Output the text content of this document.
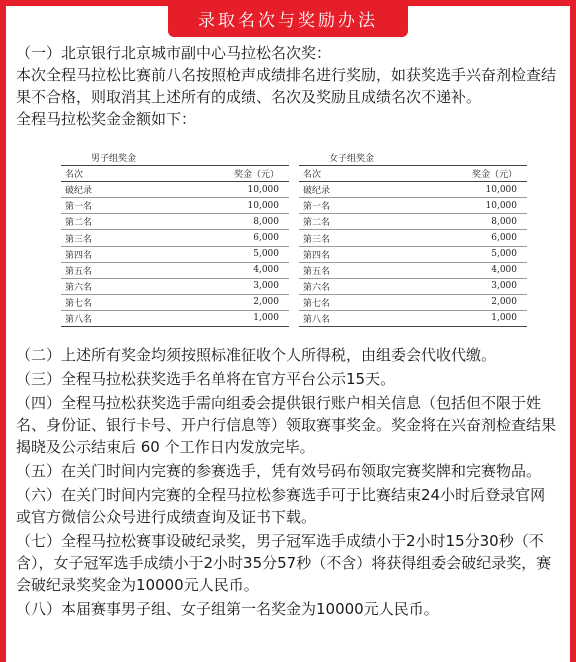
录取名次与奖励办法

（一）北京银行北京城市副中心马拉松名次奖：

本次全程马拉松比赛前八名按照枪声成绩排名进行奖励，如获奖选手兴奋剂检查结果不合格，则取消其上述所有的成绩、名次及奖励且成绩名次不递补。

全程马拉松奖金金额如下：

男子组奖金	
名次	奖金（元）
破纪录	10,000
第一名	10,000
第二名	8,000
第三名	6,000
第四名	5,000
第五名	4,000
第六名	3,000
第七名	2,000
第八名	1,000
女子组奖金	
名次	奖金（元）
破纪录	10,000
第一名	10,000
第二名	8,000
第三名	6,000
第四名	5,000
第五名	4,000
第六名	3,000
第七名	2,000
第八名	1,000

（二）上述所有奖金均须按照标准征收个人所得税，由组委会代收代缴。

（三）全程马拉松获奖选手名单将在官方平台公示15天。

（四）全程马拉松获奖选手需向组委会提供银行账户相关信息（包括但不限于姓名、身份证、银行卡号、开户行信息等）领取赛事奖金。奖金将在兴奋剂检查结果揭晓及公示结束后 60 个工作日内发放完毕。

（五）在关门时间内完赛的参赛选手，凭有效号码布领取完赛奖牌和完赛物品。

（六）在关门时间内完赛的全程马拉松参赛选手可于比赛结束24小时后登录官网或官方微信公众号进行成绩查询及证书下载。

（七）全程马拉松赛事设破纪录奖，男子冠军选手成绩小于2小时15分30秒（不含），女子冠军选手成绩小于2小时35分57秒（不含）将获得组委会破纪录奖，赛会破纪录奖奖金为10000元人民币。

（八）本届赛事男子组、女子组第一名奖金为10000元人民币。
